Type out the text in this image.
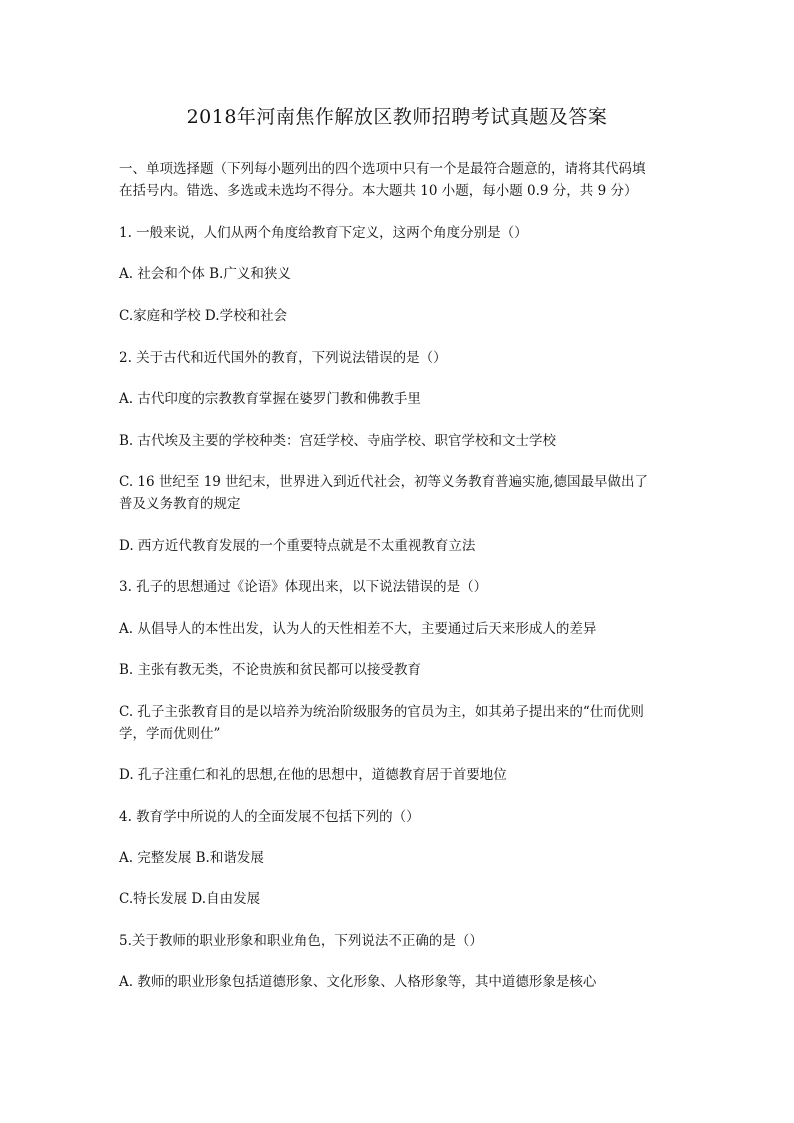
2018年河南焦作解放区教师招聘考试真题及答案
一、单项选择题（下列每小题列出的四个选项中只有一个是最符合题意的，请将其代码填
在括号内。错选、多选或未选均不得分。本大题共 10 小题，每小题 0.9 分，共 9 分）
1. 一般来说，人们从两个角度给教育下定义，这两个角度分别是（）
A. 社会和个体 B.广义和狭义
C.家庭和学校 D.学校和社会
2. 关于古代和近代国外的教育，下列说法错误的是（）
A. 古代印度的宗教教育掌握在婆罗门教和佛教手里
B. 古代埃及主要的学校种类：宫廷学校、寺庙学校、职官学校和文士学校
C. 16 世纪至 19 世纪末，世界进入到近代社会，初等义务教育普遍实施,德国最早做出了
普及义务教育的规定
D. 西方近代教育发展的一个重要特点就是不太重视教育立法
3. 孔子的思想通过《论语》体现出来，以下说法错误的是（）
A. 从倡导人的本性出发，认为人的天性相差不大，主要通过后天来形成人的差异
B. 主张有教无类，不论贵族和贫民都可以接受教育
C. 孔子主张教育目的是以培养为统治阶级服务的官员为主，如其弟子提出来的“仕而优则
学，学而优则仕”
D. 孔子注重仁和礼的思想,在他的思想中，道德教育居于首要地位
4. 教育学中所说的人的全面发展不包括下列的（）
A. 完整发展 B.和谐发展
C.特长发展 D.自由发展
5.关于教师的职业形象和职业角色，下列说法不正确的是（）
A. 教师的职业形象包括道德形象、文化形象、人格形象等，其中道德形象是核心
